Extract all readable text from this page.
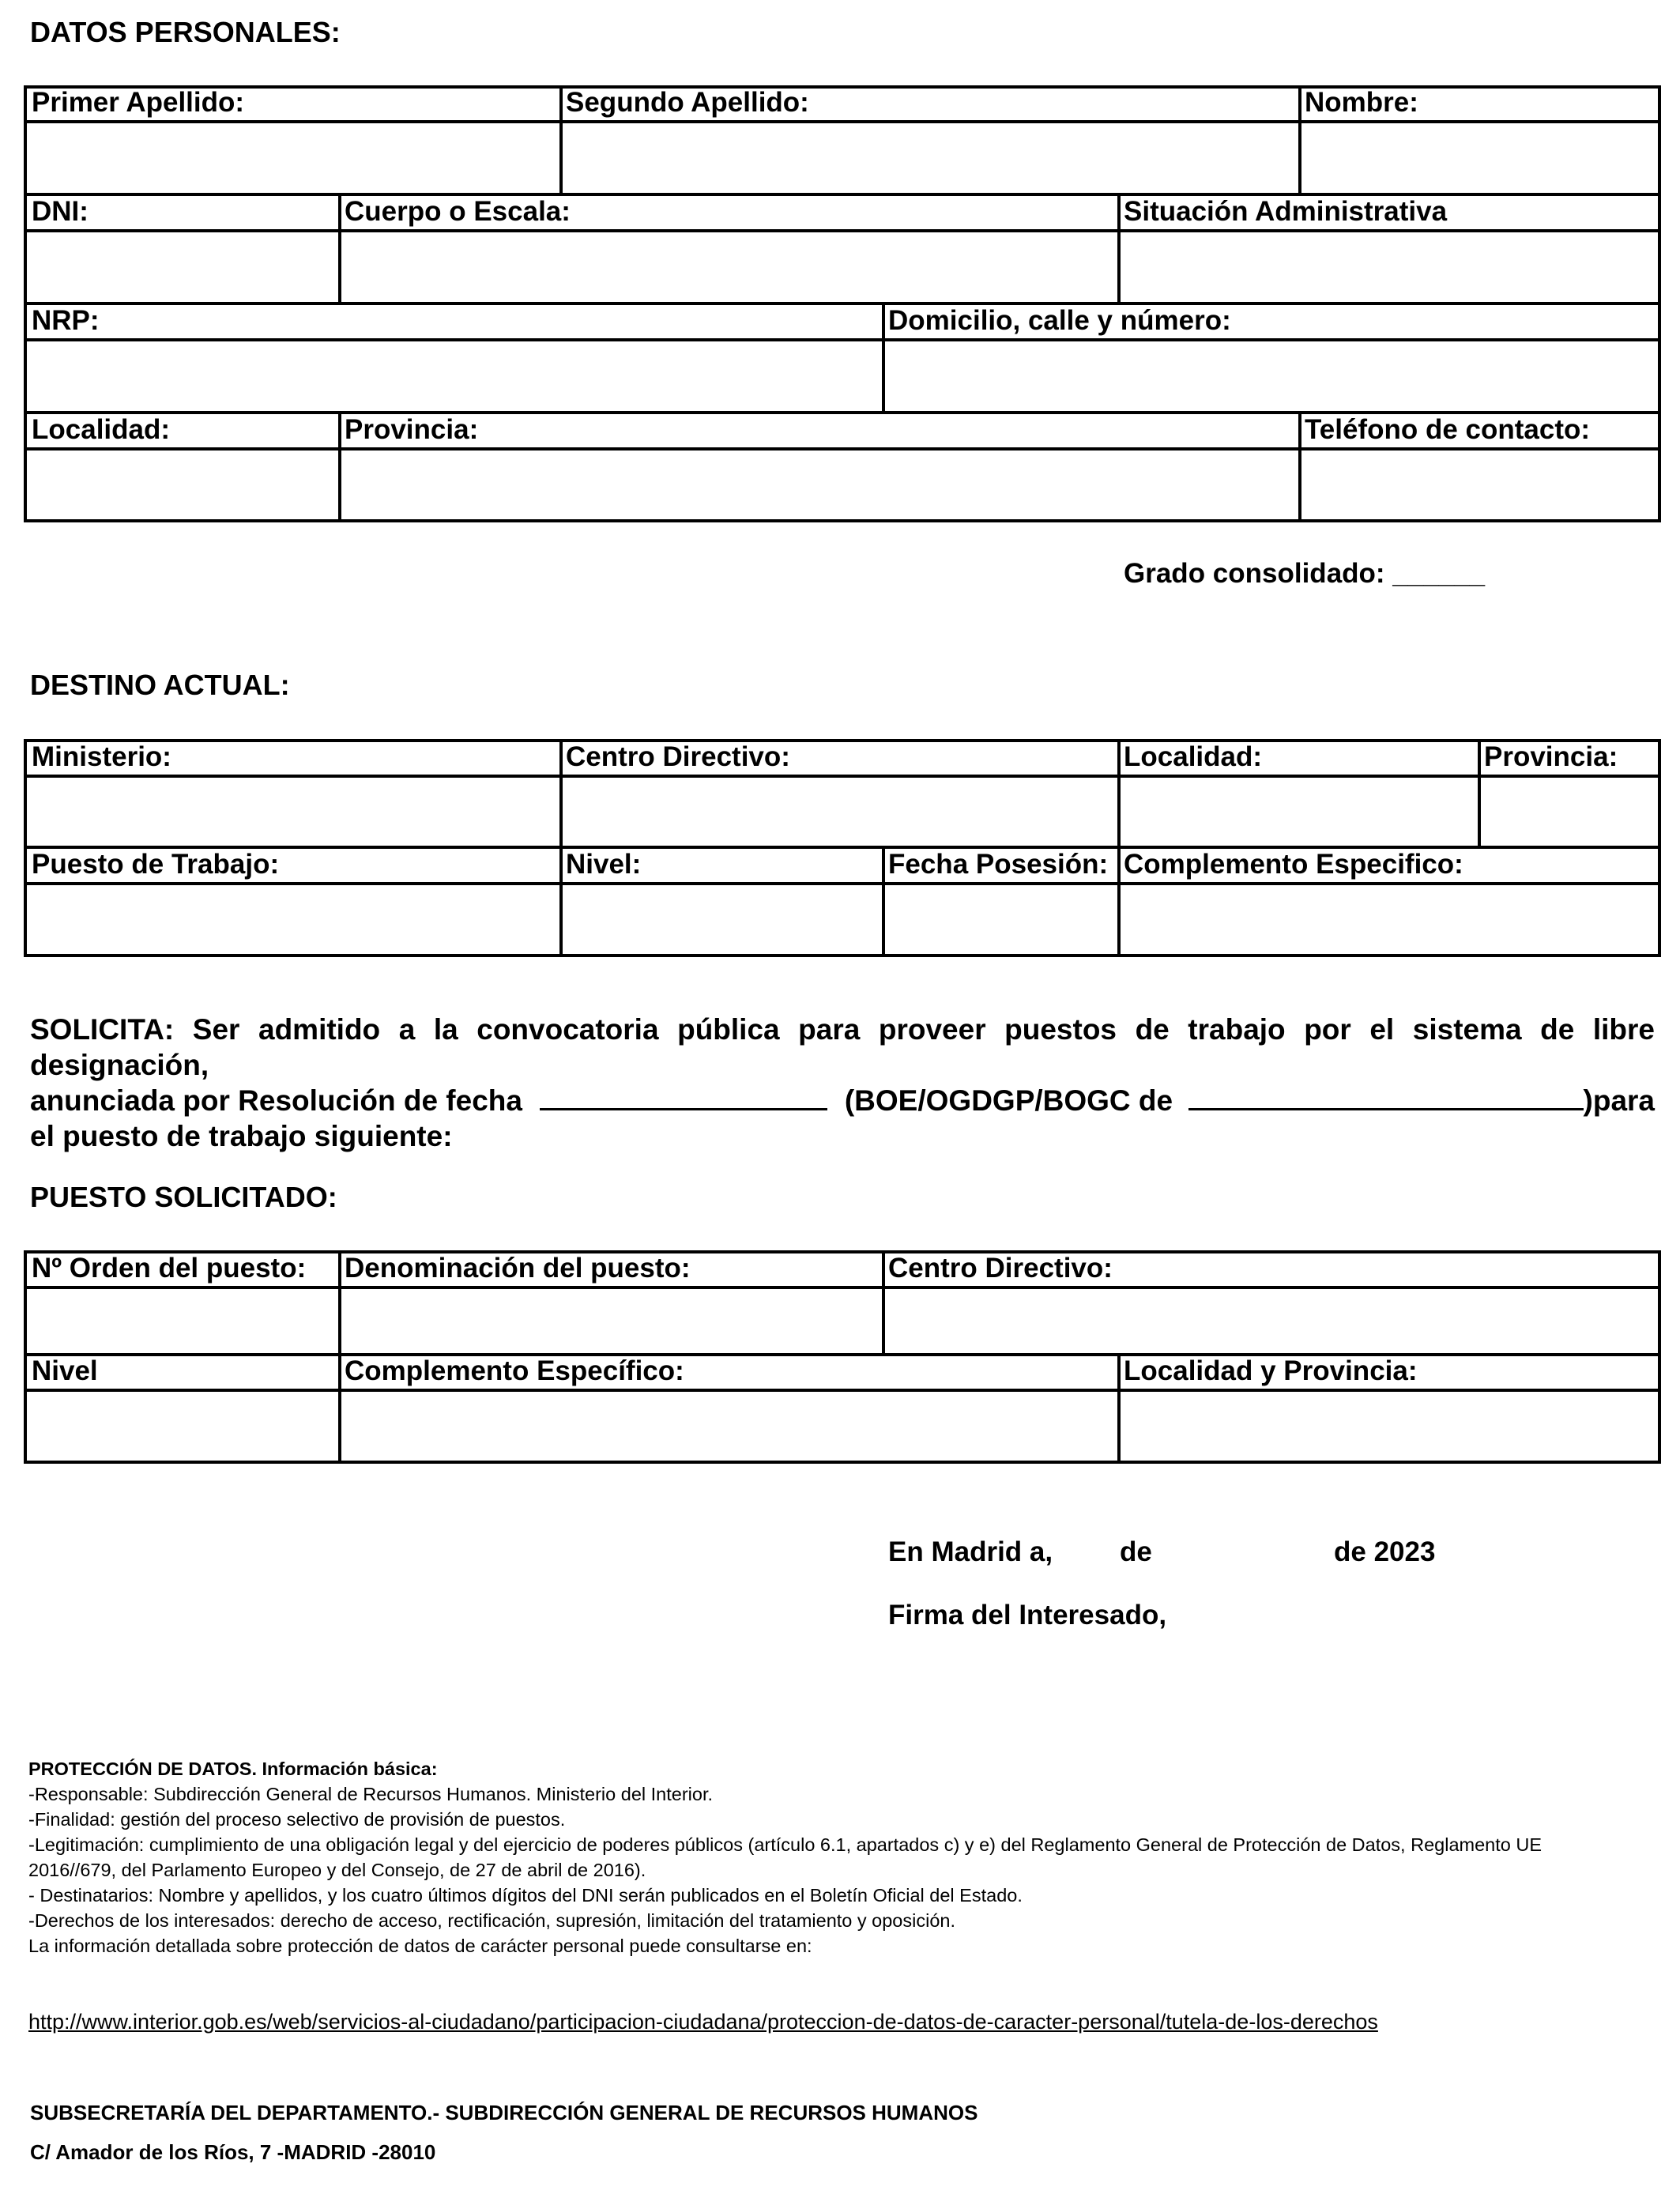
DATOS PERSONALES:
Primer Apellido:	Segundo Apellido:	Nombre:
DNI:	Cuerpo o Escala:	Situación Administrativa
NRP:	Domicilio, calle y número:
Localidad:	Provincia:	Teléfono de contacto:
Grado consolidado: ______
DESTINO ACTUAL:
Ministerio:	Centro Directivo:	Localidad:	Provincia:
Puesto de Trabajo:	Nivel:	Fecha Posesión: Complemento Especifico:
SOLICITA: Ser admitido a la convocatoria pública para proveer puestos de trabajo por el sistema de libre designación,
anunciada por Resolución de fecha	(BOE/OGDGP/BOGC de	) para
el puesto de trabajo siguiente:
PUESTO SOLICITADO:
Nº Orden del puesto: Denominación del puesto:	Centro Directivo:
Nivel	Complemento Específico:	Localidad y Provincia:
En Madrid a, de	de 2023
Firma del Interesado,
PROTECCIÓN DE DATOS. Información básica:
-Responsable: Subdirección General de Recursos Humanos. Ministerio del Interior.
-Finalidad: gestión del proceso selectivo de provisión de puestos.
-Legitimación: cumplimiento de una obligación legal y del ejercicio de poderes públicos (artículo 6.1, apartados c) y e) del Reglamento General de Protección de Datos, Reglamento UE
2016//679, del Parlamento Europeo y del Consejo, de 27 de abril de 2016).
- Destinatarios: Nombre y apellidos, y los cuatro últimos dígitos del DNI serán publicados en el Boletín Oficial del Estado.
-Derechos de los interesados: derecho de acceso, rectificación, supresión, limitación del tratamiento y oposición.
La información detallada sobre protección de datos de carácter personal puede consultarse en:
http://www.interior.gob.es/web/servicios-al-ciudadano/participacion-ciudadana/proteccion-de-datos-de-caracter-personal/tutela-de-los-derechos
SUBSECRETARÍA DEL DEPARTAMENTO.- SUBDIRECCIÓN GENERAL DE RECURSOS HUMANOS
C/ Amador de los Ríos, 7 -MADRID -28010
